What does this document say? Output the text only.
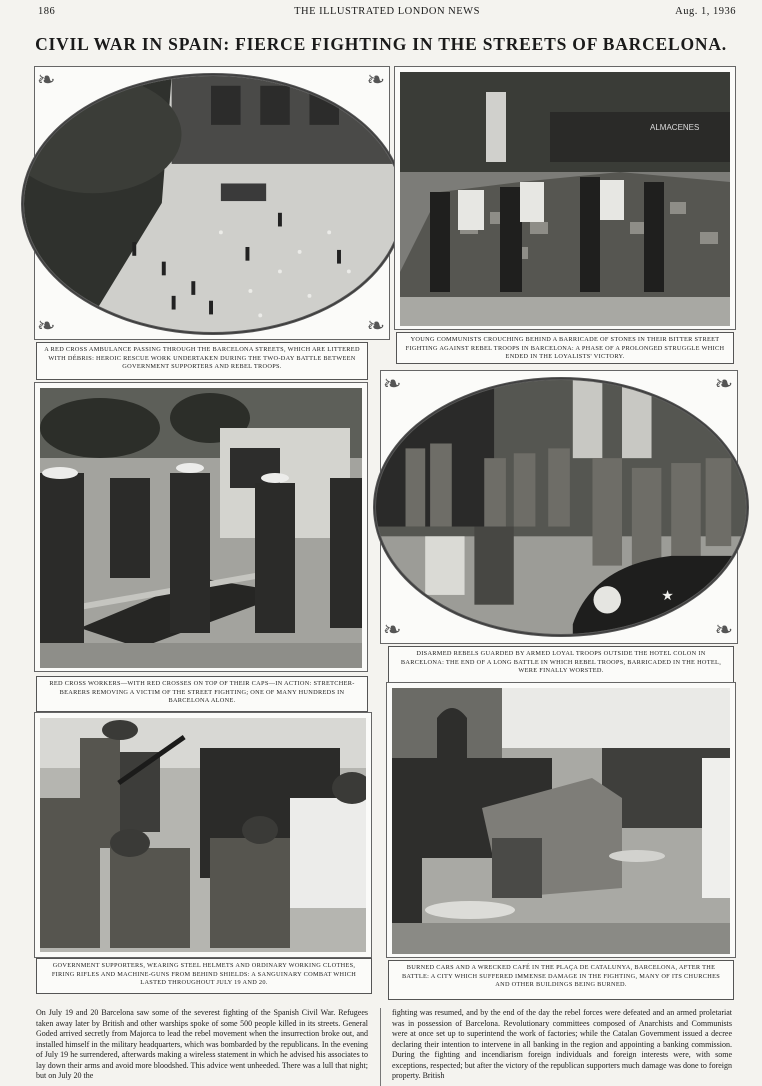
186	THE ILLUSTRATED LONDON NEWS	Aug. 1, 1936
CIVIL WAR IN SPAIN: FIERCE FIGHTING IN THE STREETS OF BARCELONA.
❧	❧
❧	❧
A RED CROSS AMBULANCE PASSING THROUGH THE BARCELONA STREETS, WHICH ARE LITTERED WITH DÉBRIS: HEROIC RESCUE WORK UNDERTAKEN DURING THE TWO-DAY BATTLE BETWEEN GOVERNMENT SUPPORTERS AND REBEL TROOPS.
ALMACENES
YOUNG COMMUNISTS CROUCHING BEHIND A BARRICADE OF STONES IN THEIR BITTER STREET FIGHTING AGAINST REBEL TROOPS IN BARCELONA: A PHASE OF A PROLONGED STRUGGLE WHICH ENDED IN THE LOYALISTS' VICTORY.
RED CROSS WORKERS—WITH RED CROSSES ON TOP OF THEIR CAPS—IN ACTION: STRETCHER-BEARERS REMOVING A VICTIM OF THE STREET FIGHTING; ONE OF MANY HUNDREDS IN BARCELONA ALONE.
❧	❧
❧	❧
★
DISARMED REBELS GUARDED BY ARMED LOYAL TROOPS OUTSIDE THE HOTEL COLON IN BARCELONA: THE END OF A LONG BATTLE IN WHICH REBEL TROOPS, BARRICADED IN THE HOTEL, WERE FINALLY WORSTED.
GOVERNMENT SUPPORTERS, WEARING STEEL HELMETS AND ORDINARY WORKING CLOTHES, FIRING RIFLES AND MACHINE-GUNS FROM BEHIND SHIELDS: A SANGUINARY COMBAT WHICH LASTED THROUGHOUT JULY 19 AND 20.
BURNED CARS AND A WRECKED CAFÉ IN THE PLAÇA DE CATALUNYA, BARCELONA, AFTER THE BATTLE: A CITY WHICH SUFFERED IMMENSE DAMAGE IN THE FIGHTING, MANY OF ITS CHURCHES AND OTHER BUILDINGS BEING BURNED.
On July 19 and 20 Barcelona saw some of the severest fighting of the Spanish Civil War. Refugees taken away later by British and other warships spoke of some 500 people killed in its streets. General Goded arrived secretly from Majorca to lead the rebel movement when the insurrection broke out, and installed himself in the military headquarters, which was bombarded by the republicans. In the evening of July 19 he surrendered, afterwards making a wireless statement in which he advised his associates to lay down their arms and avoid more bloodshed. This advice went unheeded. There was a lull that night; but on July 20 the
fighting was resumed, and by the end of the day the rebel forces were defeated and an armed proletariat was in possession of Barcelona. Revolutionary committees composed of Anarchists and Communists were at once set up to superintend the work of factories; while the Catalan Government issued a decree declaring their intention to intervene in all banking in the region and appointing a banking commission. During the fighting and incendiarism foreign individuals and foreign interests were, with some exceptions, respected; but after the victory of the republican supporters much damage was done to foreign property. British
